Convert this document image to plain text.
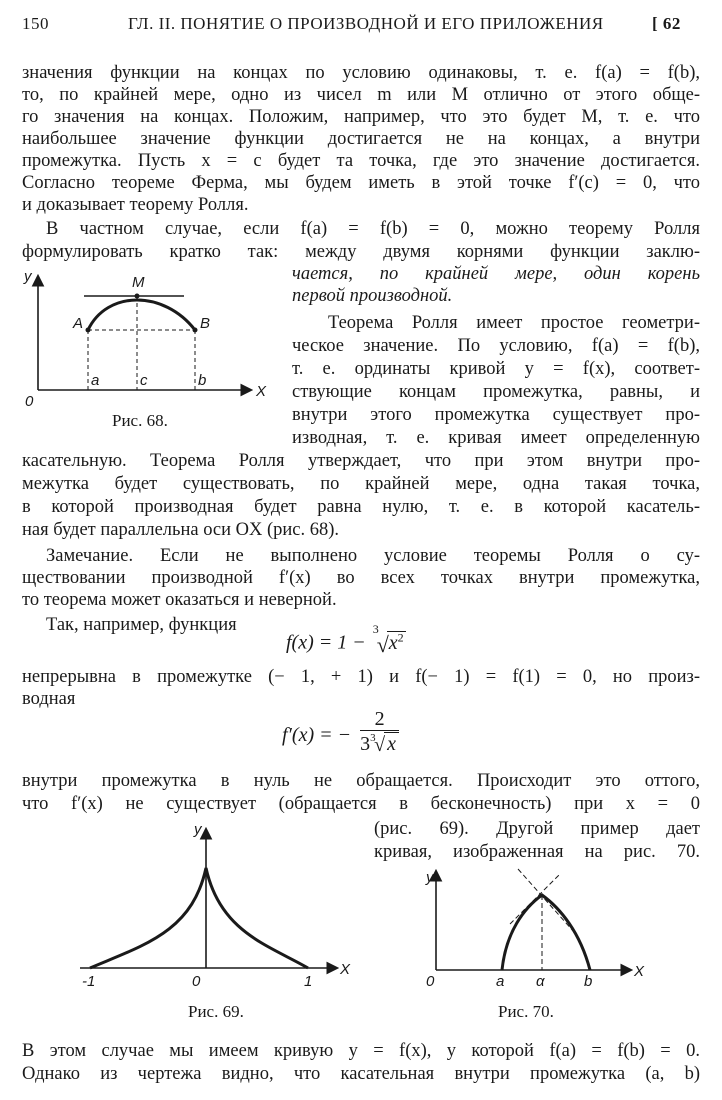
150	ГЛ. II. ПОНЯТИЕ О ПРОИЗВОДНОЙ И ЕГО ПРИЛОЖЕНИЯ	[ 62
значения функции на концах по условию одинаковы, т. е. f(a) = f(b),
то, по крайней мере, одно из чисел m или M отлично от этого обще-
го значения на концах. Положим, например, что это будет M, т. е. что
наибольшее значение функции достигается не на концах, а внутри
промежутка. Пусть x = c будет та точка, где это значение достигается.
Согласно теореме Ферма, мы будем иметь в этой точке f′(c) = 0, что
и доказывает теорему Ролля.
В частном случае, если f(a) = f(b) = 0, можно теорему Ролля
формулировать кратко так: между двумя корнями функции заклю-
чается, по крайней мере, один корень
первой производной.
Теорема Ролля имеет простое геометри-
ческое значение. По условию, f(a) = f(b),
т. е. ординаты кривой y = f(x), соответ-
ствующие концам промежутка, равны, и
внутри этого промежутка существует про-
изводная, т. е. кривая имеет определенную
касательную. Теорема Ролля утверждает, что при этом внутри про-
межутка будет существовать, по крайней мере, одна такая точка,
в которой производная будет равна нулю, т. е. в которой касатель-
ная будет параллельна оси OX (рис. 68).
Замечание. Если не выполнено условие теоремы Ролля о су-
ществовании производной f′(x) во всех точках внутри промежутка,
то теорема может оказаться и неверной.
Так, например, функция
f(x) = 1 −
3
√ $x^2$
непрерывна в промежутке (− 1, + 1) и f(− 1) = f(1) = 0, но произ-
водная
f′(x) = − 2
3 3
√ x
внутри промежутка в нуль не обращается. Происходит это оттого,
что f′(x) не существует (обращается в бесконечность) при x = 0
(рис. 69). Другой пример дает
кривая, изображенная на рис. 70.
В этом случае мы имеем кривую y = f(x), у которой f(a) = f(b) = 0.
Однако из чертежа видно, что касательная внутри промежутка (a, b)
y
X
0
M
A	B
a	c	b
Рис. 68.
y
X
-1	0	1
Рис. 69.
y
X
0	a α	b
Рис. 70.
